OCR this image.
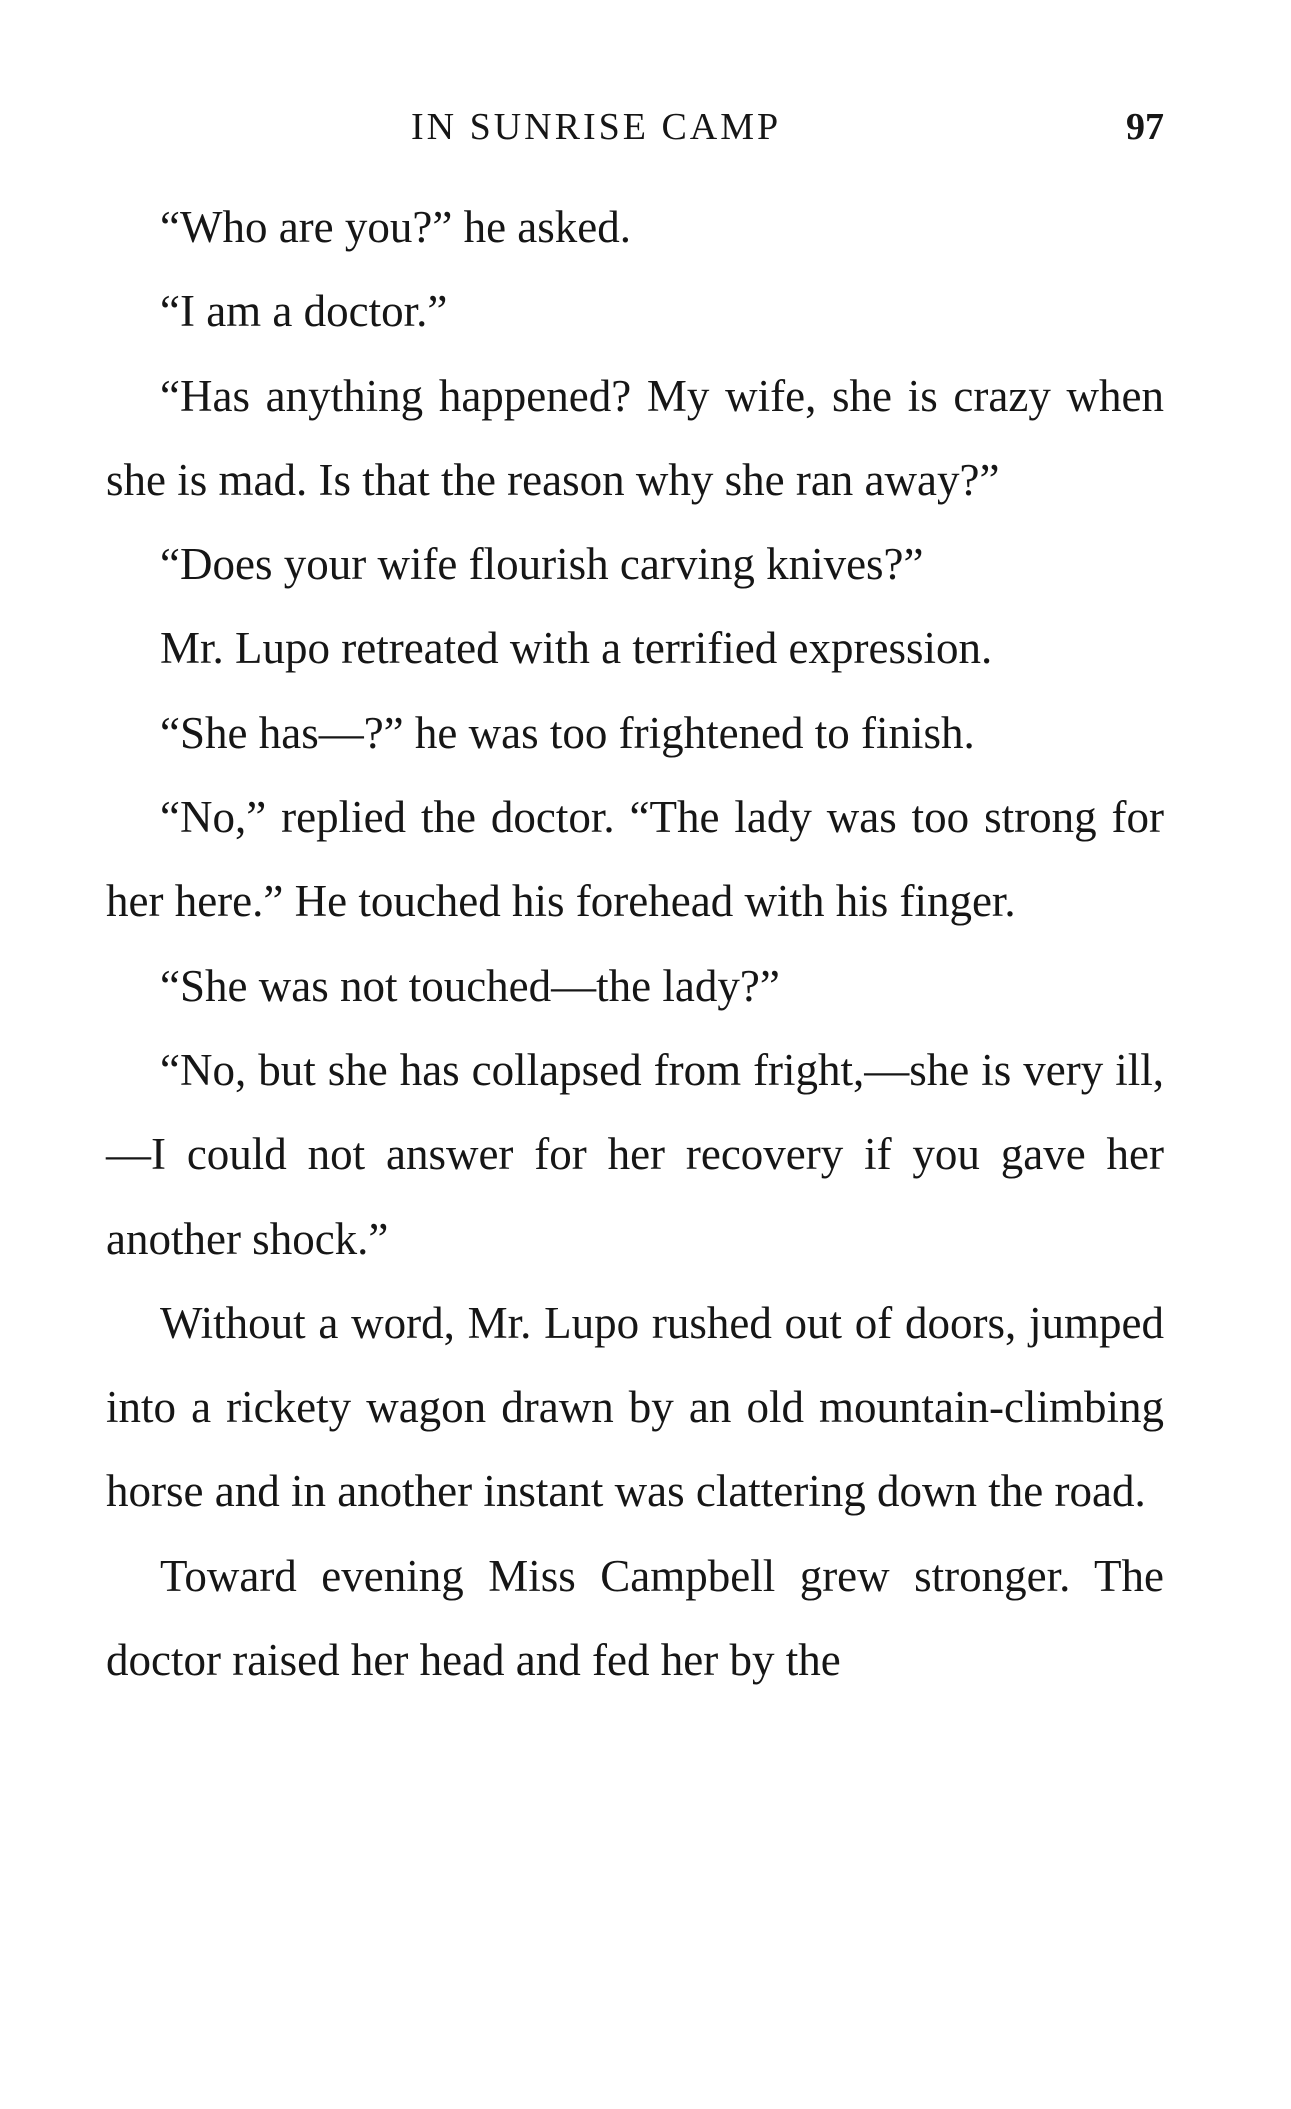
IN SUNRISE CAMP	97

“Who are you?” he asked.

“I am a doctor.”

“Has anything happened? My wife, she is crazy when she is mad. Is that the reason why she ran away?”

“Does your wife flourish carving knives?”

Mr. Lupo retreated with a terrified expression.

“She has—?” he was too frightened to finish.

“No,” replied the doctor. “The lady was too strong for her here.” He touched his forehead with his finger.

“She was not touched—the lady?”

“No, but she has collapsed from fright,—she is very ill,—I could not answer for her recovery if you gave her another shock.”

Without a word, Mr. Lupo rushed out of doors, jumped into a rickety wagon drawn by an old mountain-climbing horse and in another instant was clattering down the road.

Toward evening Miss Campbell grew stronger. The doctor raised her head and fed her by the
